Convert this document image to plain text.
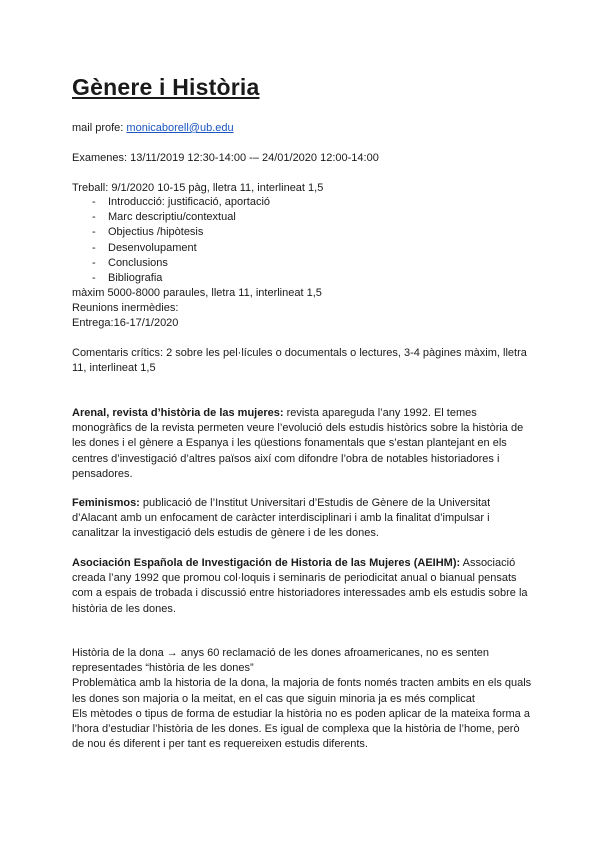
Gènere i Història
mail profe: monicaborell@ub.edu
Examenes: 13/11/2019 12:30-14:00 -– 24/01/2020 12:00-14:00
Treball: 9/1/2020 10-15 pàg, lletra 11, interlineat 1,5
- Introducció: justificació, aportació
- Marc descriptiu/contextual
- Objectius /hipòtesis
- Desenvolupament
- Conclusions
- Bibliografia
màxim 5000-8000 paraules, lletra 11, interlineat 1,5
Reunions inermèdies:
Entrega:16-17/1/2020
Comentaris crítics: 2 sobre les pel·lícules o documentals o lectures, 3-4 pàgines màxim, lletra 11, interlineat 1,5
Arenal, revista d’història de las mujeres: revista apareguda l’any 1992. El temes monogràfics de la revista permeten veure l’evolució dels estudis històrics sobre la història de les dones i el gènere a Espanya i les qüestions fonamentals que s’estan plantejant en els centres d’investigació d’altres països així com difondre l’obra de notables historiadores i pensadores.
Feminismos: publicació de l’Institut Universitari d’Estudis de Gènere de la Universitat d’Alacant amb un enfocament de caràcter interdisciplinari i amb la finalitat d’impulsar i canalitzar la investigació dels estudis de gènere i de les dones.
Asociación Española de Investigación de Historia de las Mujeres (AEIHM): Associació creada l’any 1992 que promou col·loquis i seminaris de periodicitat anual o bianual pensats com a espais de trobada i discussió entre historiadores interessades amb els estudis sobre la història de les dones.
Història de la dona → anys 60 reclamació de les dones afroamericanes, no es senten representades “història de les dones”
Problemàtica amb la historia de la dona, la majoria de fonts només tracten ambits en els quals les dones son majoria o la meitat, en el cas que siguin minoria ja es més complicat
Els mètodes o tipus de forma de estudiar la història no es poden aplicar de la mateixa forma a l’hora d’estudiar l’història de les dones. Es igual de complexa que la història de l’home, però de nou és diferent i per tant es requereixen estudis diferents.
